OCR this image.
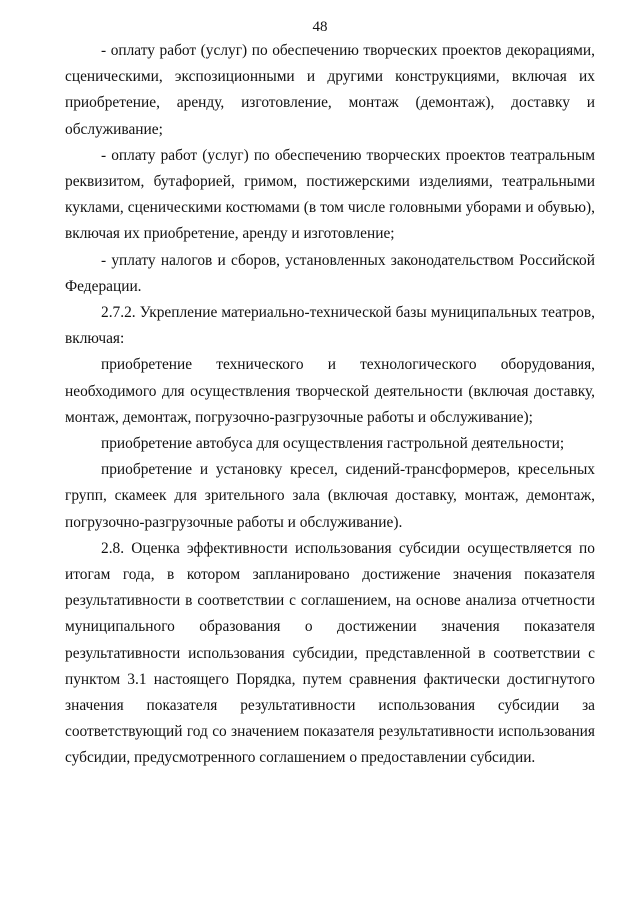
48

- оплату работ (услуг) по обеспечению творческих проектов декорациями, сценическими, экспозиционными и другими конструкциями, включая их приобретение, аренду, изготовление, монтаж (демонтаж), доставку и обслуживание;

- оплату работ (услуг) по обеспечению творческих проектов театральным реквизитом, бутафорией, гримом, постижерскими изделиями, театральными куклами, сценическими костюмами (в том числе головными уборами и обувью), включая их приобретение, аренду и изготовление;

- уплату налогов и сборов, установленных законодательством Российской Федерации.

2.7.2. Укрепление материально-технической базы муниципальных театров, включая:

приобретение технического и технологического оборудования, необходимого для осуществления творческой деятельности (включая доставку, монтаж, демонтаж, погрузочно-разгрузочные работы и обслуживание);

приобретение автобуса для осуществления гастрольной деятельности;

приобретение и установку кресел, сидений-трансформеров, кресельных групп, скамеек для зрительного зала (включая доставку, монтаж, демонтаж, погрузочно-разгрузочные работы и обслуживание).

2.8. Оценка эффективности использования субсидии осуществляется по итогам года, в котором запланировано достижение значения показателя результативности в соответствии с соглашением, на основе анализа отчетности муниципального образования о достижении значения показателя результативности использования субсидии, представленной в соответствии с пунктом 3.1 настоящего Порядка, путем сравнения фактически достигнутого значения показателя результативности использования субсидии за соответствующий год со значением показателя результативности использования субсидии, предусмотренного соглашением о предоставлении субсидии.
